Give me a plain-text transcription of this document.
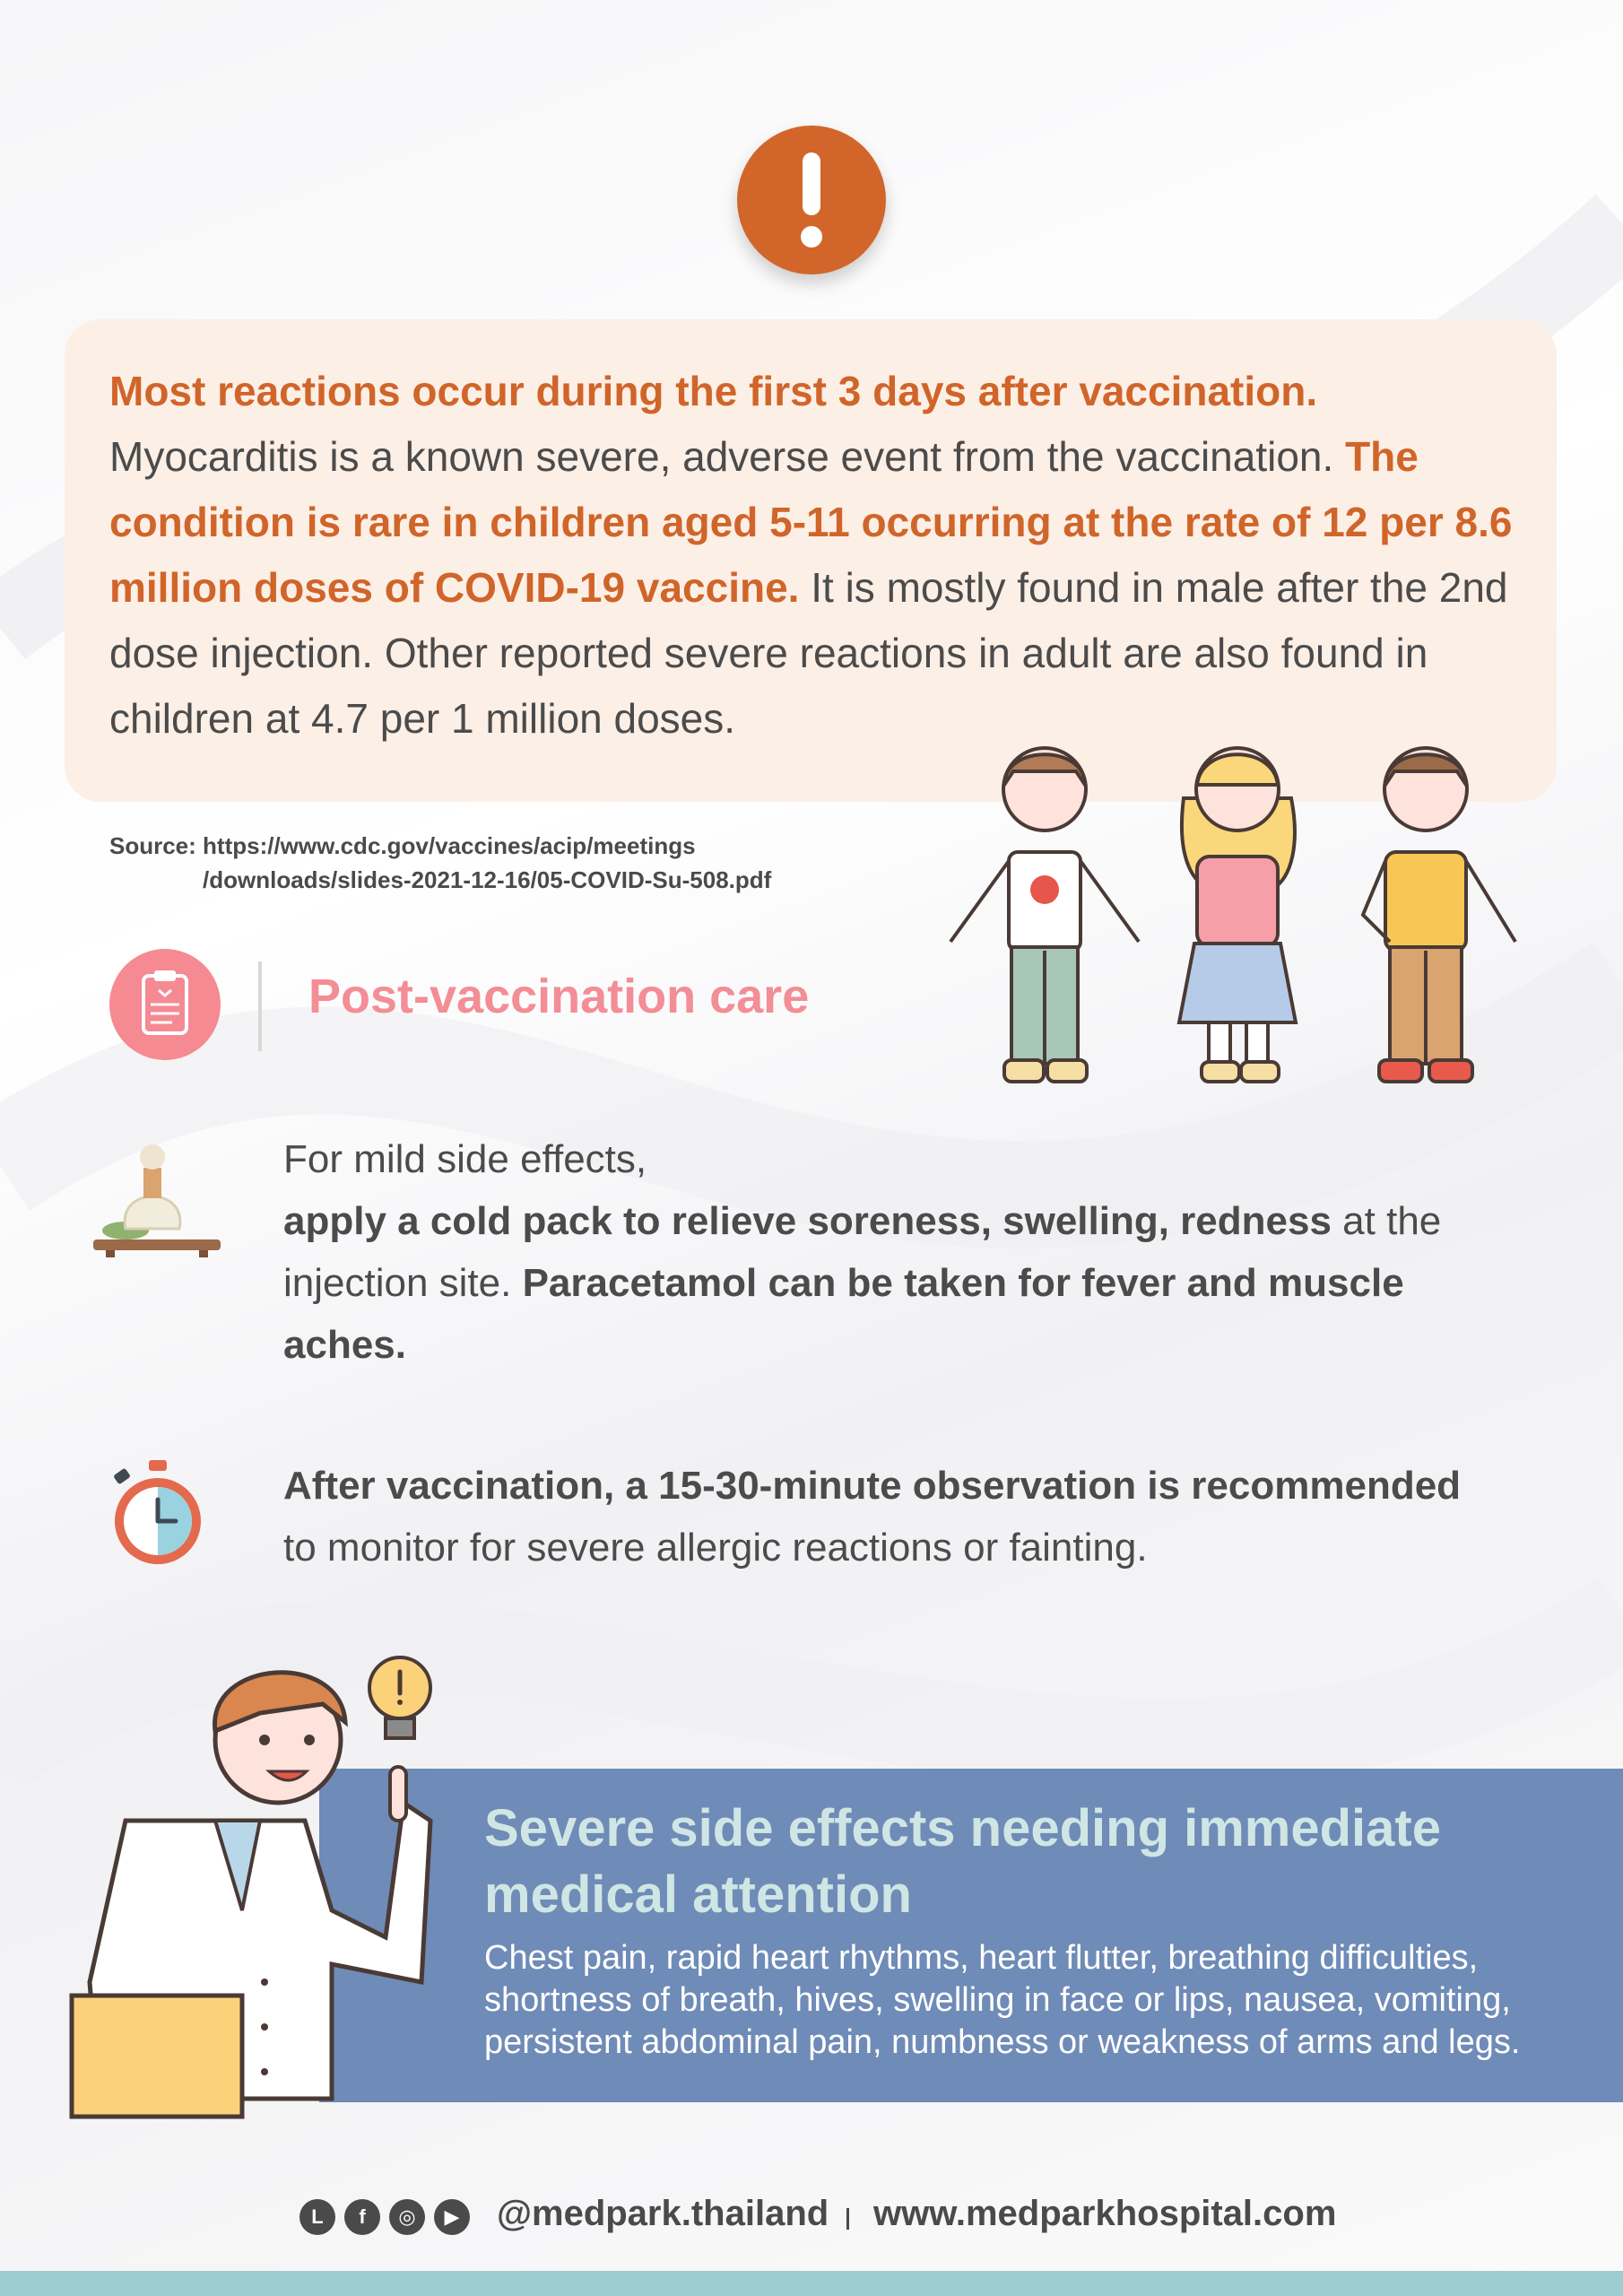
Most reactions occur during the first 3 days after vaccination. Myocarditis is a known severe, adverse event from the vaccination. The condition is rare in children aged 5-11 occurring at the rate of 12 per 8.6 million doses of COVID-19 vaccine. It is mostly found in male after the 2nd dose injection. Other reported severe reactions in adult are also found in children at 4.7 per 1 million doses.
Source: https://www.cdc.gov/vaccines/acip/meetings
/downloads/slides-2021-12-16/05-COVID-Su-508.pdf
Post-vaccination care
For mild side effects,
apply a cold pack to relieve soreness, swelling, redness at the injection site. Paracetamol can be taken for fever and muscle aches.
After vaccination, a 15-30-minute observation is recommended to monitor for severe allergic reactions or fainting.
Severe side effects needing immediate medical attention
Chest pain, rapid heart rhythms, heart flutter, breathing difficulties, shortness of breath, hives, swelling in face or lips, nausea, vomiting, persistent abdominal pain, numbness or weakness of arms and legs.
L	f	◎	▶ @medpark.thailand www.medparkhospital.com
